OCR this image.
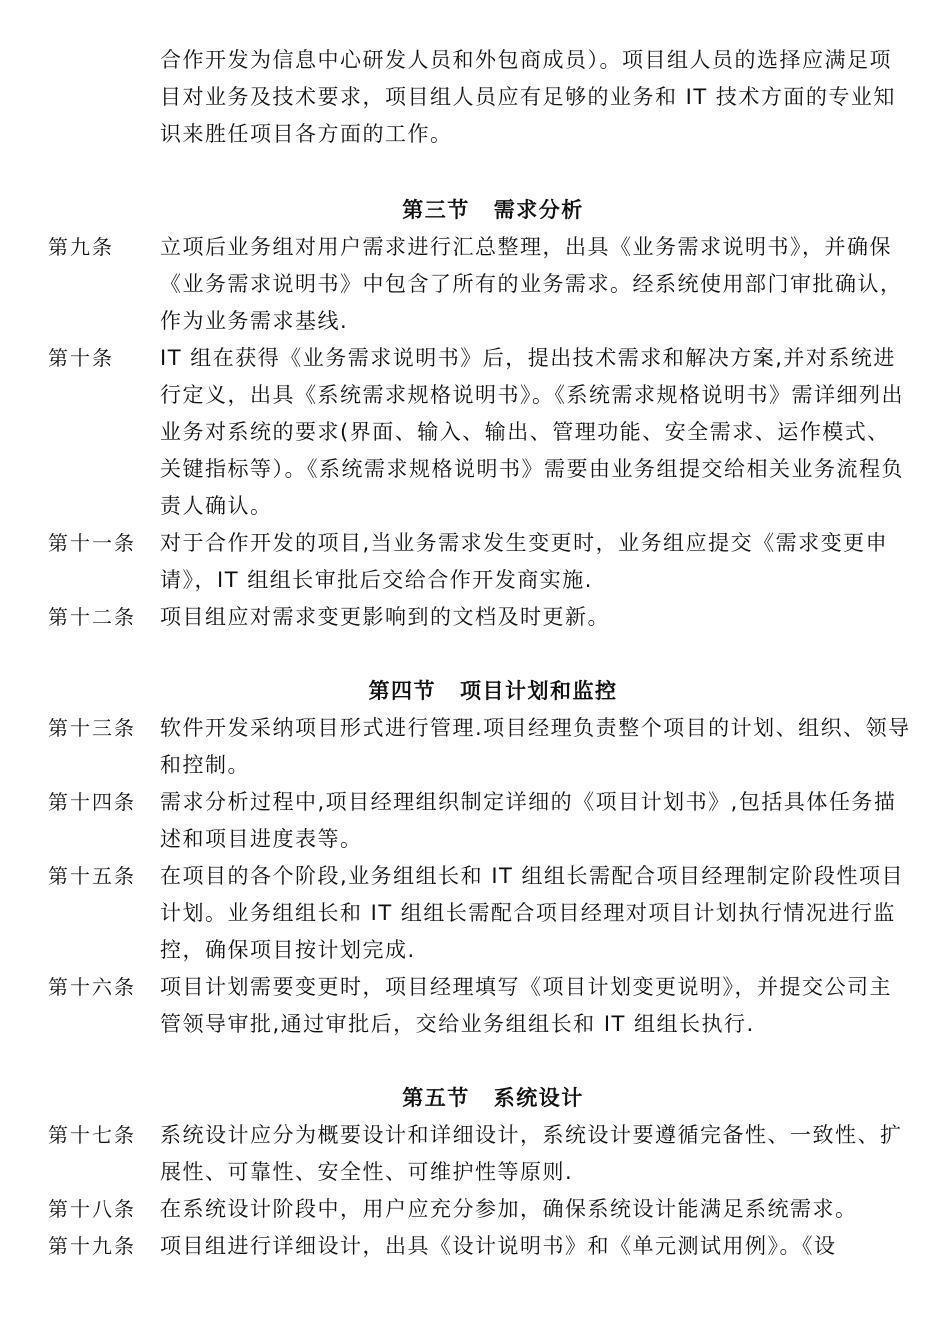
合作开发为信息中心研发人员和外包商成员）。项目组人员的选择应满足项目对业务及技术要求，项目组人员应有足够的业务和 IT 技术方面的专业知识来胜任项目各方面的工作。
第三节 需求分析
第九条 立项后业务组对用户需求进行汇总整理，出具《业务需求说明书》，并确保《业务需求说明书》中包含了所有的业务需求。经系统使用部门审批确认，作为业务需求基线.
第十条 IT 组在获得《业务需求说明书》后，提出技术需求和解决方案,并对系统进行定义，出具《系统需求规格说明书》。《系统需求规格说明书》需详细列出业务对系统的要求(界面、输入、输出、管理功能、安全需求、运作模式、关键指标等）。《系统需求规格说明书》需要由业务组提交给相关业务流程负责人确认。
第十一条 对于合作开发的项目,当业务需求发生变更时，业务组应提交《需求变更申请》，IT 组组长审批后交给合作开发商实施.
第十二条 项目组应对需求变更影响到的文档及时更新。
第四节 项目计划和监控
第十三条 软件开发采纳项目形式进行管理.项目经理负责整个项目的计划、组织、领导和控制。
第十四条 需求分析过程中,项目经理组织制定详细的《项目计划书》,包括具体任务描述和项目进度表等。
第十五条 在项目的各个阶段,业务组组长和 IT 组组长需配合项目经理制定阶段性项目计划。业务组组长和 IT 组组长需配合项目经理对项目计划执行情况进行监控，确保项目按计划完成.
第十六条 项目计划需要变更时，项目经理填写《项目计划变更说明》，并提交公司主管领导审批,通过审批后，交给业务组组长和 IT 组组长执行.
第五节 系统设计
第十七条 系统设计应分为概要设计和详细设计，系统设计要遵循完备性、一致性、扩展性、可靠性、安全性、可维护性等原则.
第十八条 在系统设计阶段中，用户应充分参加，确保系统设计能满足系统需求。
第十九条 项目组进行详细设计，出具《设计说明书》和《单元测试用例》。《设
